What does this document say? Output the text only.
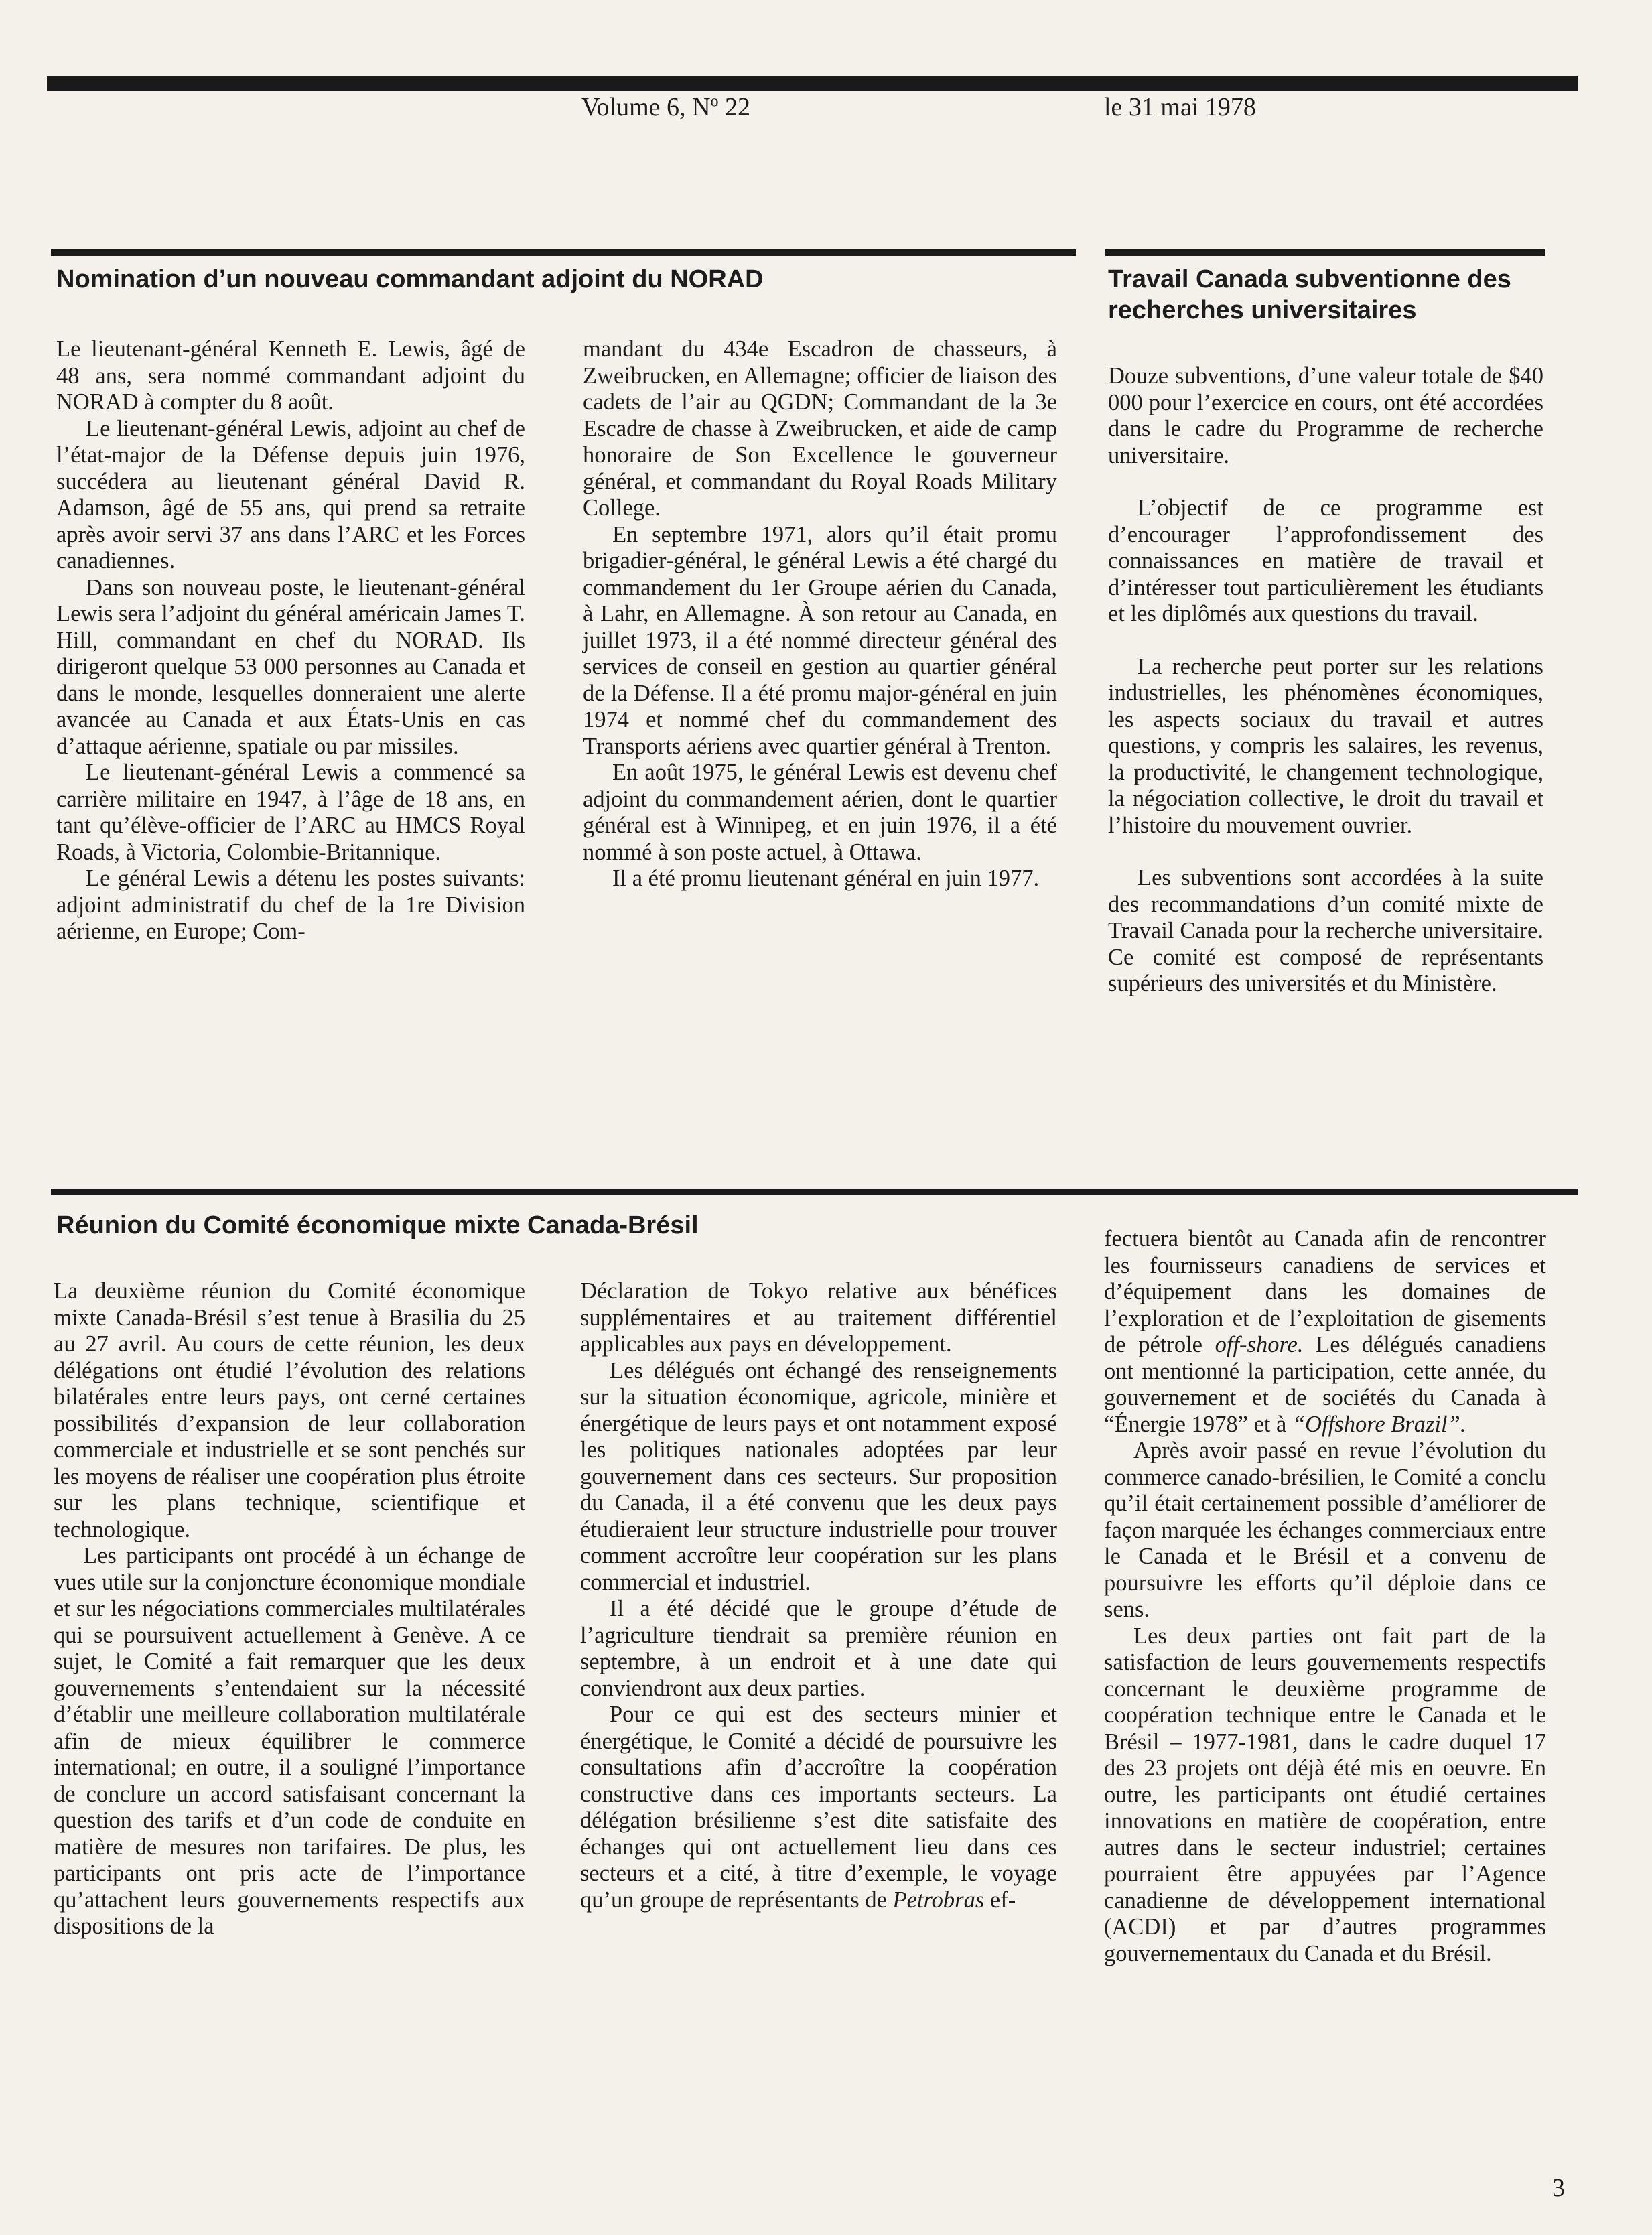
Volume 6, $N^o$ 22	le 31 mai 1978
Nomination d’un nouveau commandant adjoint du NORAD

Le lieutenant-général Kenneth E. Lewis, âgé de 48 ans, sera nommé commandant adjoint du NORAD à compter du 8 août.

Le lieutenant-général Lewis, adjoint au chef de l’état-major de la Défense depuis juin 1976, succédera au lieutenant général David R. Adamson, âgé de 55 ans, qui prend sa retraite après avoir servi 37 ans dans l’ARC et les Forces canadiennes.

Dans son nouveau poste, le lieutenant-général Lewis sera l’adjoint du général américain James T. Hill, commandant en chef du NORAD. Ils dirigeront quelque 53 000 personnes au Canada et dans le monde, lesquelles donneraient une alerte avancée au Canada et aux États-Unis en cas d’attaque aérienne, spatiale ou par missiles.

Le lieutenant-général Lewis a commencé sa carrière militaire en 1947, à l’âge de 18 ans, en tant qu’élève-officier de l’ARC au HMCS Royal Roads, à Victoria, Colombie-Britannique.

Le général Lewis a détenu les postes suivants: adjoint administratif du chef de la 1re Division aérienne, en Europe; Com-

mandant du 434e Escadron de chasseurs, à Zweibrucken, en Allemagne; officier de liaison des cadets de l’air au QGDN; Commandant de la 3e Escadre de chasse à Zweibrucken, et aide de camp honoraire de Son Excellence le gouverneur général, et commandant du Royal Roads Military College.

En septembre 1971, alors qu’il était promu brigadier-général, le général Lewis a été chargé du commandement du 1er Groupe aérien du Canada, à Lahr, en Allemagne. À son retour au Canada, en juillet 1973, il a été nommé directeur général des services de conseil en gestion au quartier général de la Défense. Il a été promu major-général en juin 1974 et nommé chef du commandement des Transports aériens avec quartier général à Trenton.

En août 1975, le général Lewis est devenu chef adjoint du commandement aérien, dont le quartier général est à Winnipeg, et en juin 1976, il a été nommé à son poste actuel, à Ottawa.

Il a été promu lieutenant général en juin 1977.

Travail Canada subventionne des recherches universitaires

Douze subventions, d’une valeur totale de $40 000 pour l’exercice en cours, ont été accordées dans le cadre du Programme de recherche universitaire.

L’objectif de ce programme est d’encourager l’approfondissement des connaissances en matière de travail et d’intéresser tout particulièrement les étudiants et les diplômés aux questions du travail.

La recherche peut porter sur les relations industrielles, les phénomènes économiques, les aspects sociaux du travail et autres questions, y compris les salaires, les revenus, la productivité, le changement technologique, la négociation collective, le droit du travail et l’histoire du mouvement ouvrier.

Les subventions sont accordées à la suite des recommandations d’un comité mixte de Travail Canada pour la recherche universitaire. Ce comité est composé de représentants supérieurs des universités et du Ministère.

Réunion du Comité économique mixte Canada-Brésil

La deuxième réunion du Comité économique mixte Canada-Brésil s’est tenue à Brasilia du 25 au 27 avril. Au cours de cette réunion, les deux délégations ont étudié l’évolution des relations bilatérales entre leurs pays, ont cerné certaines possibilités d’expansion de leur collaboration commerciale et industrielle et se sont penchés sur les moyens de réaliser une coopération plus étroite sur les plans technique, scientifique et technologique.

Les participants ont procédé à un échange de vues utile sur la conjoncture économique mondiale et sur les négociations commerciales multilatérales qui se poursuivent actuellement à Genève. A ce sujet, le Comité a fait remarquer que les deux gouvernements s’entendaient sur la nécessité d’établir une meilleure collaboration multilatérale afin de mieux équilibrer le commerce international; en outre, il a souligné l’importance de conclure un accord satisfaisant concernant la question des tarifs et d’un code de conduite en matière de mesures non tarifaires. De plus, les participants ont pris acte de l’importance qu’attachent leurs gouvernements respectifs aux dispositions de la

Déclaration de Tokyo relative aux bénéfices supplémentaires et au traitement différentiel applicables aux pays en développement.

Les délégués ont échangé des renseignements sur la situation économique, agricole, minière et énergétique de leurs pays et ont notamment exposé les politiques nationales adoptées par leur gouvernement dans ces secteurs. Sur proposition du Canada, il a été convenu que les deux pays étudieraient leur structure industrielle pour trouver comment accroître leur coopération sur les plans commercial et industriel.

Il a été décidé que le groupe d’étude de l’agriculture tiendrait sa première réunion en septembre, à un endroit et à une date qui conviendront aux deux parties.

Pour ce qui est des secteurs minier et énergétique, le Comité a décidé de poursuivre les consultations afin d’accroître la coopération constructive dans ces importants secteurs. La délégation brésilienne s’est dite satisfaite des échanges qui ont actuellement lieu dans ces secteurs et a cité, à titre d’exemple, le voyage qu’un groupe de représentants de Petrobras ef-

fectuera bientôt au Canada afin de rencontrer les fournisseurs canadiens de services et d’équipement dans les domaines de l’exploration et de l’exploitation de gisements de pétrole off-shore. Les délégués canadiens ont mentionné la participation, cette année, du gouvernement et de sociétés du Canada à “Énergie 1978” et à “Offshore Brazil”.

Après avoir passé en revue l’évolution du commerce canado-brésilien, le Comité a conclu qu’il était certainement possible d’améliorer de façon marquée les échanges commerciaux entre le Canada et le Brésil et a convenu de poursuivre les efforts qu’il déploie dans ce sens.

Les deux parties ont fait part de la satisfaction de leurs gouvernements respectifs concernant le deuxième programme de coopération technique entre le Canada et le Brésil – 1977-1981, dans le cadre duquel 17 des 23 projets ont déjà été mis en oeuvre. En outre, les participants ont étudié certaines innovations en matière de coopération, entre autres dans le secteur industriel; certaines pourraient être appuyées par l’Agence canadienne de développement international (ACDI) et par d’autres programmes gouvernementaux du Canada et du Brésil.

3
